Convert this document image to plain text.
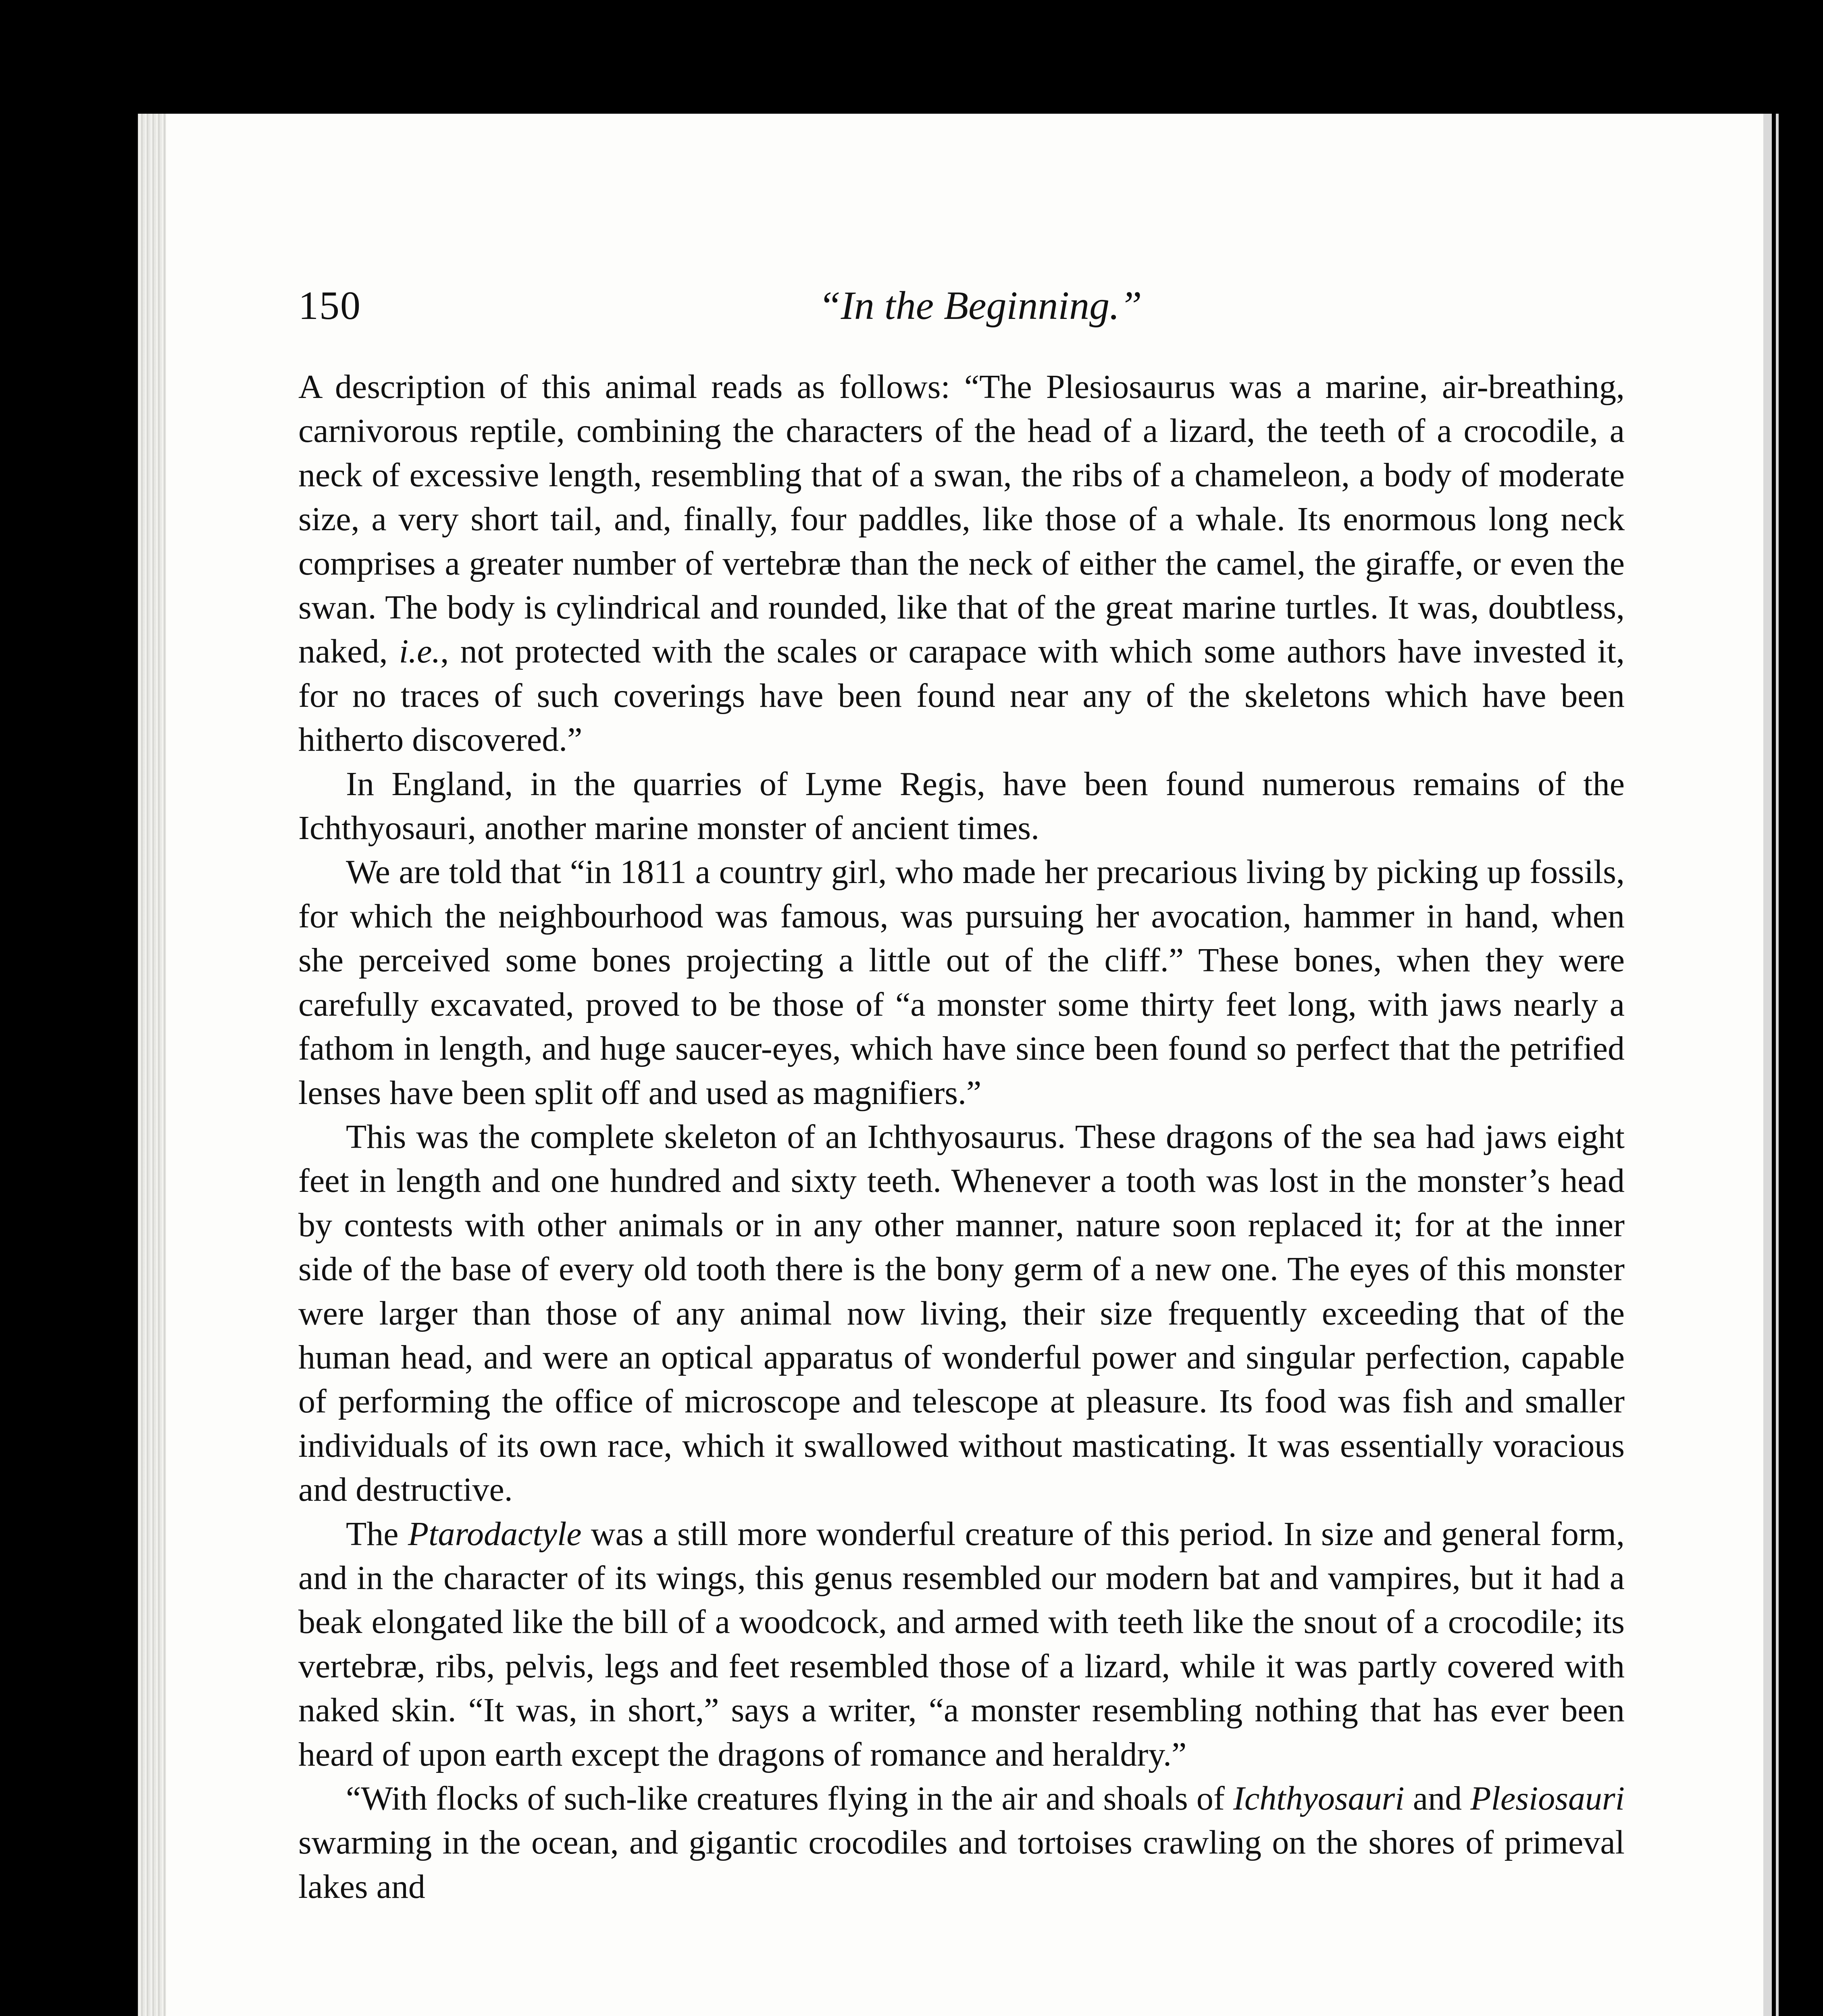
150	“In the Beginning.”

A description of this animal reads as follows: “The Plesiosaurus was a marine, air-breathing, carnivorous reptile, combining the characters of the head of a lizard, the teeth of a crocodile, a neck of excessive length, resembling that of a swan, the ribs of a chameleon, a body of moderate size, a very short tail, and, finally, four paddles, like those of a whale. Its enormous long neck comprises a greater number of vertebræ than the neck of either the camel, the giraffe, or even the swan. The body is cylindrical and rounded, like that of the great marine turtles. It was, doubtless, naked, i.e., not protected with the scales or carapace with which some authors have invested it, for no traces of such coverings have been found near any of the skeletons which have been hitherto discovered.”

In England, in the quarries of Lyme Regis, have been found numerous remains of the Ichthyosauri, another marine monster of ancient times.

We are told that “in 1811 a country girl, who made her precarious living by picking up fossils, for which the neighbourhood was famous, was pursuing her avocation, hammer in hand, when she perceived some bones projecting a little out of the cliff.” These bones, when they were carefully excavated, proved to be those of “a monster some thirty feet long, with jaws nearly a fathom in length, and huge saucer-eyes, which have since been found so perfect that the petrified lenses have been split off and used as magnifiers.”

This was the complete skeleton of an Ichthyosaurus. These dragons of the sea had jaws eight feet in length and one hundred and sixty teeth. Whenever a tooth was lost in the monster’s head by contests with other animals or in any other manner, nature soon replaced it; for at the inner side of the base of every old tooth there is the bony germ of a new one. The eyes of this monster were larger than those of any animal now living, their size frequently exceeding that of the human head, and were an optical apparatus of wonderful power and singular perfection, capable of performing the office of microscope and telescope at pleasure. Its food was fish and smaller individuals of its own race, which it swallowed without masticating. It was essentially voracious and destructive.

The Ptarodactyle was a still more wonderful creature of this period. In size and general form, and in the character of its wings, this genus resembled our modern bat and vampires, but it had a beak elongated like the bill of a woodcock, and armed with teeth like the snout of a crocodile; its vertebræ, ribs, pelvis, legs and feet resembled those of a lizard, while it was partly covered with naked skin. “It was, in short,” says a writer, “a monster resembling nothing that has ever been heard of upon earth except the dragons of romance and heraldry.”

“With flocks of such-like creatures flying in the air and shoals of Ichthyosauri and Plesiosauri swarming in the ocean, and gigantic crocodiles and tortoises crawling on the shores of primeval lakes and
